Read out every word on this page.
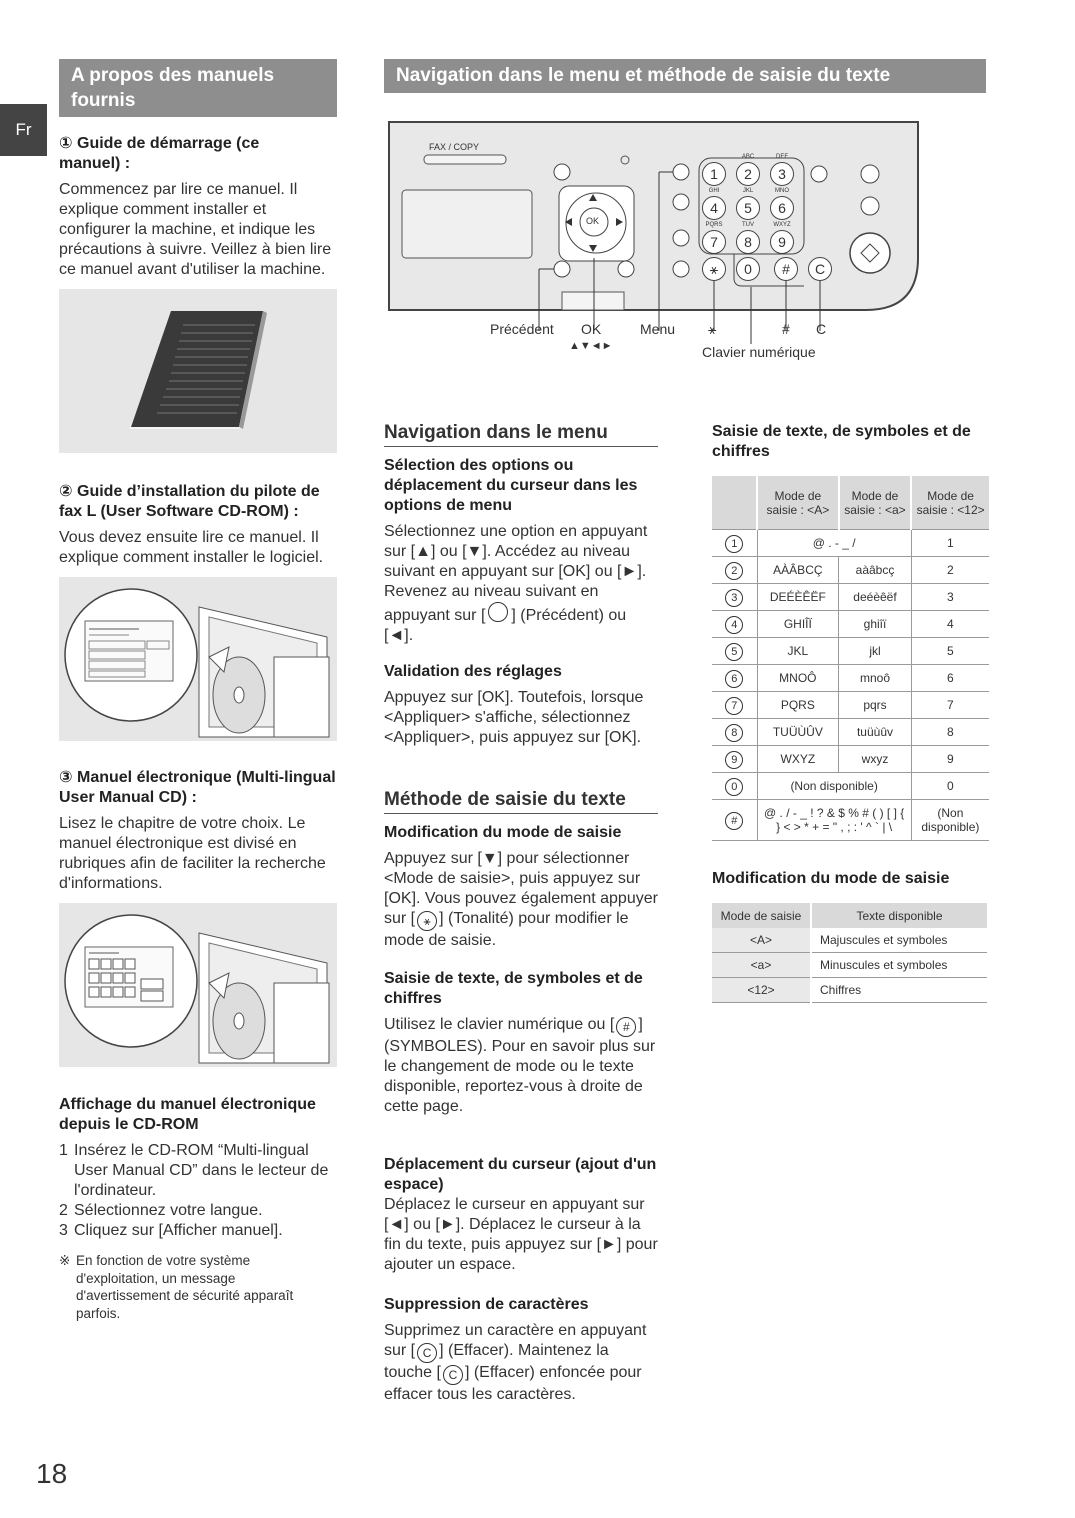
Fr
A propos des manuels fournis
① Guide de démarrage (ce manuel) :
Commencez par lire ce manuel. Il explique comment installer et configurer la machine, et indique les précautions à suivre. Veillez à bien lire ce manuel avant d'utiliser la machine.
② Guide d’installation du pilote de fax L (User Software CD-ROM) :
Vous devez ensuite lire ce manuel. Il explique comment installer le logiciel.
③ Manuel électronique (Multi-lingual User Manual CD) :
Lisez le chapitre de votre choix. Le manuel électronique est divisé en rubriques afin de faciliter la recherche d'informations.
Affichage du manuel électronique depuis le CD-ROM
1 Insérez le CD-ROM “Multi-lingual User Manual CD” dans le lecteur de l'ordinateur.
2 Sélectionnez votre langue.
3 Cliquez sur [Afficher manuel].
※ En fonction de votre système d'exploitation, un message d'avertissement de sécurité apparaît parfois.
Navigation dans le menu et méthode de saisie du texte
FAX / COPY
OK
1	2
ABC
3
DEF
4
GHI
5
JKL
6
MNO
7
PQRS
8
TUV
9
WXYZ
⚹	0	#	C
Précédent OK
▲▼◄►
Menu ⚹	# C
Clavier numérique
Navigation dans le menu
Sélection des options ou déplacement du curseur dans les options de menu
Sélectionnez une option en appuyant sur [▲] ou [▼]. Accédez au niveau suivant en appuyant sur [OK] ou [►]. Revenez au niveau suivant en appuyant sur [ ] (Précédent) ou [◄].
Validation des réglages
Appuyez sur [OK]. Toutefois, lorsque <Appliquer> s'affiche, sélectionnez <Appliquer>, puis appuyez sur [OK].
Méthode de saisie du texte
Modification du mode de saisie
Appuyez sur [▼] pour sélectionner <Mode de saisie>, puis appuyez sur [OK]. Vous pouvez également appuyer sur [ ⚹ ] (Tonalité) pour modifier le mode de saisie.
Saisie de texte, de symboles et de chiffres
Utilisez le clavier numérique ou [ # ] (SYMBOLES). Pour en savoir plus sur le changement de mode ou le texte disponible, reportez-vous à droite de cette page.
Déplacement du curseur (ajout d'un espace)
Déplacez le curseur en appuyant sur [◄] ou [►]. Déplacez le curseur à la fin du texte, puis appuyez sur [►] pour ajouter un espace.
Suppression de caractères
Supprimez un caractère en appuyant sur [ C ] (Effacer). Maintenez la touche [ C ] (Effacer) enfoncée pour effacer tous les caractères.
Saisie de texte, de symboles et de chiffres
	Mode de saisie : <A>	Mode de saisie : <a>	Mode de saisie : <12>
1	@ . - _ /		1
2	AÀÂBCÇ	aàâbcç	2
3	DEÉÈÊËF	deéèêëf	3
4	GHIÎÏ	ghiîï	4
5	JKL	jkl	5
6	MNOÔ	mnoô	6
7	PQRS	pqrs	7
8	TUÜÙÛV	tuüùûv	8
9	WXYZ	wxyz	9
0	(Non disponible)		0
#	@ . / - _ ! ? & $ % # ( ) [ ] { } < > * + = " , ; : ' ^ ` | \		(Non disponible)
Modification du mode de saisie
Mode de saisie	Texte disponible
<A>	Majuscules et symboles
<a>	Minuscules et symboles
<12>	Chiffres
18
